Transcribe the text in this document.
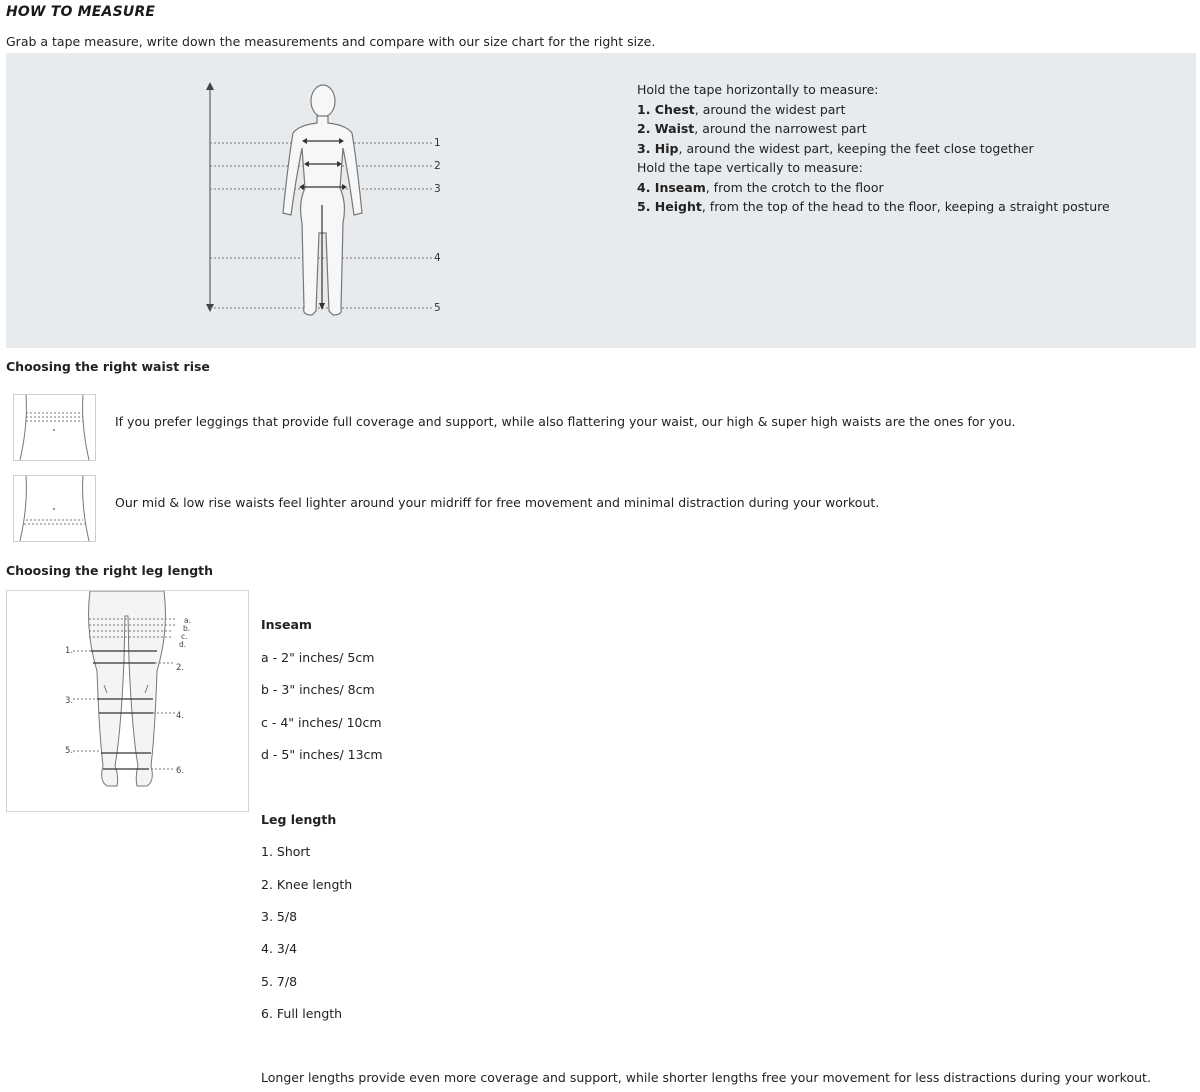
HOW TO MEASURE
Grab a tape measure, write down the measurements and compare with our size chart for the right size.
1
2
3
4
5
Hold the tape horizontally to measure:
1. Chest, around the widest part
2. Waist, around the narrowest part
3. Hip, around the widest part, keeping the feet close together
Hold the tape vertically to measure:
4. Inseam, from the crotch to the floor
5. Height, from the top of the head to the floor, keeping a straight posture
Choosing the right waist rise
If you prefer leggings that provide full coverage and support, while also flattering your waist, our high & super high waists are the ones for you.
Our mid & low rise waists feel lighter around your midriff for free movement and minimal distraction during your workout.
Choosing the right leg length
a.
b.
c.
d.
1.
2.
3.
4.
5.
6.
Inseam
a - 2" inches/ 5cm
b - 3" inches/ 8cm
c - 4" inches/ 10cm
d - 5" inches/ 13cm
Leg length
1. Short
2. Knee length
3. 5/8
4. 3/4
5. 7/8
6. Full length
Longer lengths provide even more coverage and support, while shorter lengths free your movement for less distractions during your workout.
